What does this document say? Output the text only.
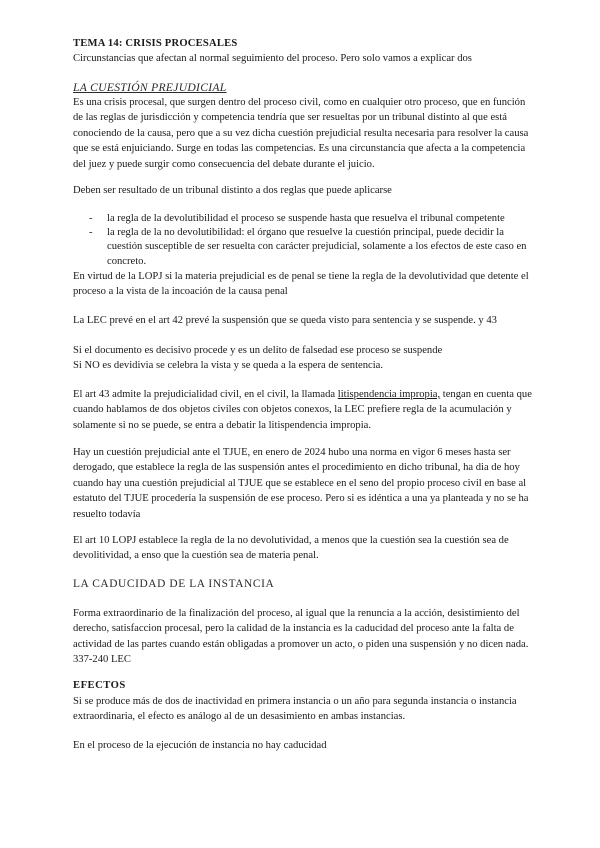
TEMA 14: CRISIS PROCESALES

Circunstancias que afectan al normal seguimiento del proceso. Pero solo vamos a explicar dos

LA CUESTIÓN PREJUDICIAL

Es una crisis procesal, que surgen dentro del proceso civil, como en cualquier otro proceso, que en función de las reglas de jurisdicción y competencia tendría que ser resueltas por un tribunal distinto al que está conociendo de la causa, pero que a su vez dicha cuestión prejudicial resulta necesaria para resolver la causa que se está enjuiciando. Surge en todas las competencias. Es una circunstancia que afecta a la competencia del juez y puede surgir como consecuencia del debate durante el juicio.

Deben ser resultado de un tribunal distinto a dos reglas que puede aplicarse

- la regla de la devolutibilidad el proceso se suspende hasta que resuelva el tribunal competente
- la regla de la no devolutibilidad: el órgano que resuelve la cuestión principal, puede decidir la cuestión susceptible de ser resuelta con carácter prejudicial, solamente a los efectos de este caso en concreto.

En virtud de la LOPJ si la materia prejudicial es de penal se tiene la regla de la devolutividad que detente el proceso a la vista de la incoación de la causa penal

La LEC prevé en el art 42 prevé la suspensión que se queda visto para sentencia y se suspende. y 43

Si el documento es decisivo procede y es un delito de falsedad ese proceso se suspende

Si NO es devidivia se celebra la vista y se queda a la espera de sentencia.

El art 43 admite la prejudicialidad civil, en el civil, la llamada litispendencia impropia, tengan en cuenta que cuando hablamos de dos objetos civiles con objetos conexos, la LEC prefiere regla de la acumulación y solamente si no se puede, se entra a debatir la litispendencia impropia.

Hay un cuestión prejudicial ante el TJUE, en enero de 2024 hubo una norma en vigor 6 meses hasta ser derogado, que establece la regla de las suspensión antes el procedimiento en dicho tribunal, ha dia de hoy cuando hay una cuestión prejudicial al TJUE que se establece en el seno del propio proceso civil en base al estatuto del TJUE procedería la suspensión de ese proceso. Pero si es idéntica a una ya planteada y no se ha resuelto todavía

El art 10 LOPJ establece la regla de la no devolutividad, a menos que la cuestión sea la cuestión sea de devolitividad, a enso que la cuestión sea de materia penal.

LA CADUCIDAD DE LA INSTANCIA

Forma extraordinario de la finalización del proceso, al igual que la renuncia a la acción, desistimiento del derecho, satisfaccion procesal, pero la calidad de la instancia es la caducidad del proceso ante la falta de actividad de las partes cuando están obligadas a promover un acto, o piden una suspensión y no dicen nada. 337-240 LEC

EFECTOS

Si se produce más de dos de inactividad en primera instancia o un año para segunda instancia o instancia extraordinaria, el efecto es análogo al de un desasimiento en ambas instancias.

En el proceso de la ejecución de instancia no hay caducidad
